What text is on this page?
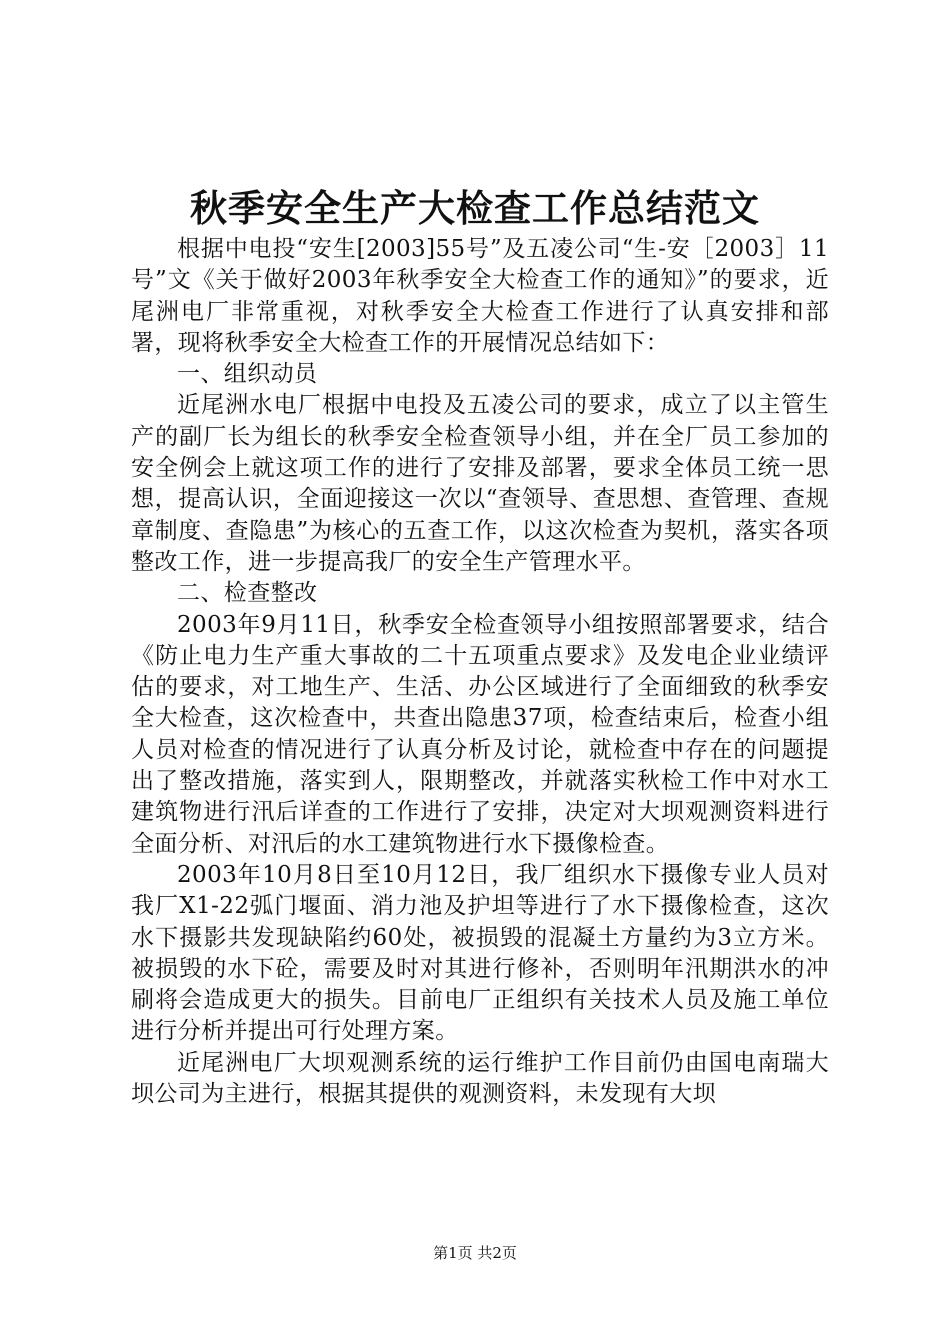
秋季安全生产大检查工作总结范文

根据中电投“安生[2003]55号”及五凌公司“生-安［2003］11号”文《关于做好2003年秋季安全大检查工作的通知》”的要求，近尾洲电厂非常重视，对秋季安全大检查工作进行了认真安排和部署，现将秋季安全大检查工作的开展情况总结如下：

一、组织动员

近尾洲水电厂根据中电投及五凌公司的要求，成立了以主管生产的副厂长为组长的秋季安全检查领导小组，并在全厂员工参加的安全例会上就这项工作的进行了安排及部署，要求全体员工统一思想，提高认识，全面迎接这一次以“查领导、查思想、查管理、查规章制度、查隐患”为核心的五查工作，以这次检查为契机，落实各项整改工作，进一步提高我厂的安全生产管理水平。

二、检查整改

2003年9月11日，秋季安全检查领导小组按照部署要求，结合《防止电力生产重大事故的二十五项重点要求》及发电企业业绩评估的要求，对工地生产、生活、办公区域进行了全面细致的秋季安全大检查，这次检查中，共查出隐患37项，检查结束后，检查小组人员对检查的情况进行了认真分析及讨论，就检查中存在的问题提出了整改措施，落实到人，限期整改，并就落实秋检工作中对水工建筑物进行汛后详查的工作进行了安排，决定对大坝观测资料进行全面分析、对汛后的水工建筑物进行水下摄像检查。

2003年10月8日至10月12日，我厂组织水下摄像专业人员对我厂X1-22弧门堰面、消力池及护坦等进行了水下摄像检查，这次水下摄影共发现缺陷约60处，被损毁的混凝土方量约为3立方米。被损毁的水下砼，需要及时对其进行修补，否则明年汛期洪水的冲刷将会造成更大的损失。目前电厂正组织有关技术人员及施工单位进行分析并提出可行处理方案。

近尾洲电厂大坝观测系统的运行维护工作目前仍由国电南瑞大坝公司为主进行，根据其提供的观测资料，未发现有大坝

第1页 共2页
